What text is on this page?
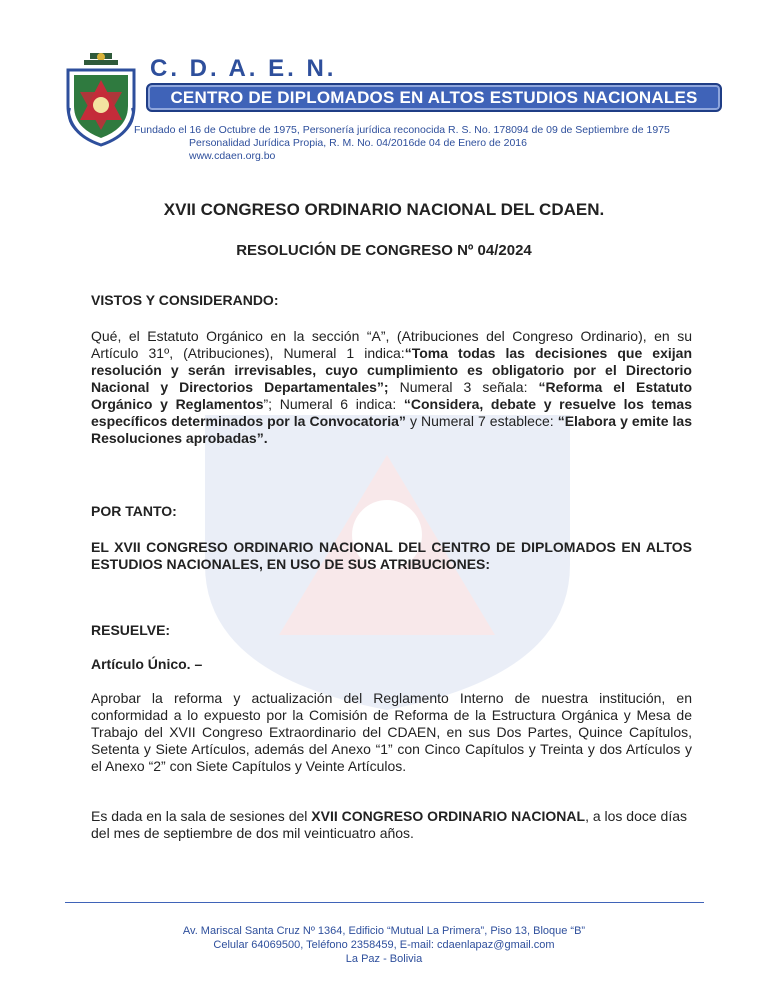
C. D. A. E. N.
CENTRO DE DIPLOMADOS EN ALTOS ESTUDIOS NACIONALES
Fundado el 16 de Octubre de 1975, Personería jurídica reconocida R. S. No. 178094 de 09 de Septiembre de 1975
Personalidad Jurídica Propia, R. M. No. 04/2016de 04 de Enero de 2016
www.cdaen.org.bo
XVII CONGRESO ORDINARIO NACIONAL DEL CDAEN.
RESOLUCIÓN DE CONGRESO Nº 04/2024
VISTOS Y CONSIDERANDO:
Qué, el Estatuto Orgánico en la sección “A”, (Atribuciones del Congreso Ordinario), en su Artículo 31º, (Atribuciones), Numeral 1 indica:“Toma todas las decisiones que exijan resolución y serán irrevisables, cuyo cumplimiento es obligatorio por el Directorio Nacional y Directorios Departamentales”; Numeral 3 señala: “Reforma el Estatuto Orgánico y Reglamentos”; Numeral 6 indica: “Considera, debate y resuelve los temas específicos determinados por la Convocatoria” y Numeral 7 establece: “Elabora y emite las Resoluciones aprobadas”.
POR TANTO:
EL XVII CONGRESO ORDINARIO NACIONAL DEL CENTRO DE DIPLOMADOS EN ALTOS ESTUDIOS NACIONALES, EN USO DE SUS ATRIBUCIONES:
RESUELVE:
Artículo Único. –
Aprobar la reforma y actualización del Reglamento Interno de nuestra institución, en conformidad a lo expuesto por la Comisión de Reforma de la Estructura Orgánica y Mesa de Trabajo del XVII Congreso Extraordinario del CDAEN, en sus Dos Partes, Quince Capítulos, Setenta y Siete Artículos, además del Anexo “1” con Cinco Capítulos y Treinta y dos Artículos y el Anexo “2” con Siete Capítulos y Veinte Artículos.
Es dada en la sala de sesiones del XVII CONGRESO ORDINARIO NACIONAL, a los doce días del mes de septiembre de dos mil veinticuatro años.
Av. Mariscal Santa Cruz Nº 1364, Edificio “Mutual La Primera”, Piso 13, Bloque “B”
Celular 64069500, Teléfono 2358459, E-mail: cdaenlapaz@gmail.com
La Paz - Bolivia
